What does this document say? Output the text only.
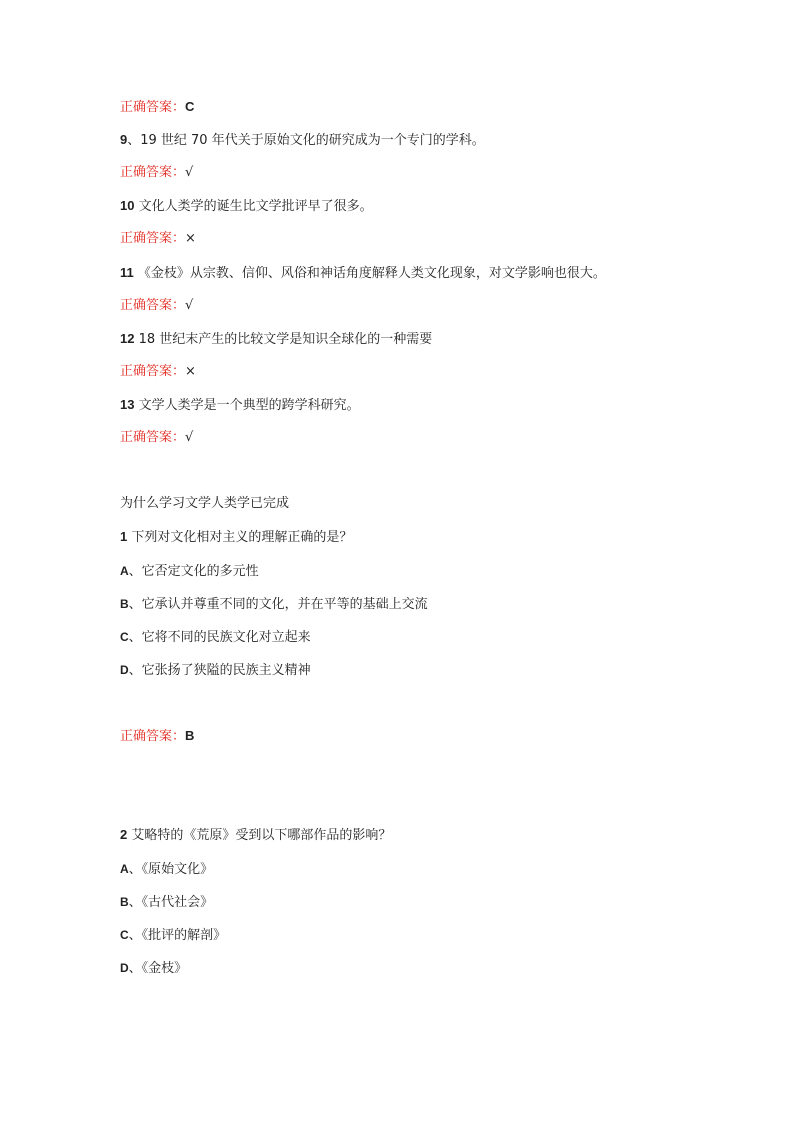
正确答案：C
9、19 世纪 70 年代关于原始文化的研究成为一个专门的学科。
正确答案：√
10 文化人类学的诞生比文学批评早了很多。
正确答案：×
11 《金枝》从宗教、信仰、风俗和神话角度解释人类文化现象，对文学影响也很大。
正确答案：√
12 18 世纪末产生的比较文学是知识全球化的一种需要
正确答案：×
13 文学人类学是一个典型的跨学科研究。
正确答案：√
为什么学习文学人类学已完成
1 下列对文化相对主义的理解正确的是？
A、它否定文化的多元性
B、它承认并尊重不同的文化，并在平等的基础上交流
C、它将不同的民族文化对立起来
D、它张扬了狭隘的民族主义精神
正确答案：B
2 艾略特的《荒原》受到以下哪部作品的影响？
A、《原始文化》
B、《古代社会》
C、《批评的解剖》
D、《金枝》
